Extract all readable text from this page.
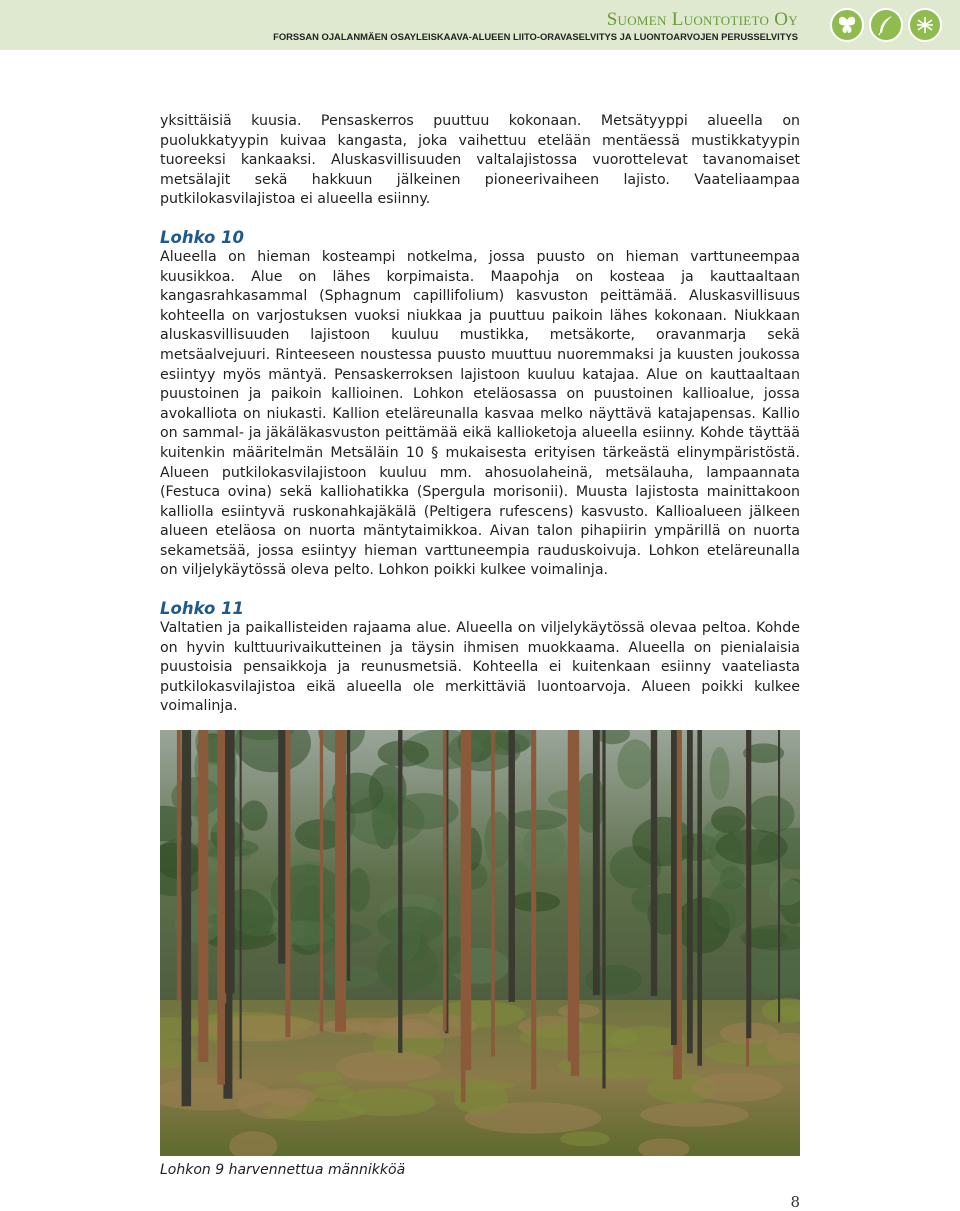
Suomen Luontotieto Oy
FORSSAN OJALANMÄEN OSAYLEISKAAVA-ALUEEN LIITO-ORAVASELVITYS JA LUONTOARVOJEN PERUSSELVITYS

yksittäisiä kuusia. Pensaskerros puuttuu kokonaan. Metsätyyppi alueella on puolukkatyypin kuivaa kangasta, joka vaihettuu etelään mentäessä mustikkatyypin tuoreeksi kankaaksi. Aluskasvillisuuden valtalajistossa vuorottelevat tavanomaiset metsälajit sekä hakkuun jälkeinen pioneerivaiheen lajisto. Vaateliaampaa putkilokasvilajistoa ei alueella esiinny.

Lohko 10

Alueella on hieman kosteampi notkelma, jossa puusto on hieman varttuneempaa kuusikkoa. Alue on lähes korpimaista. Maapohja on kosteaa ja kauttaaltaan kangasrahkasammal (Sphagnum capillifolium) kasvuston peittämää. Aluskasvillisuus kohteella on varjostuksen vuoksi niukkaa ja puuttuu paikoin lähes kokonaan. Niukkaan aluskasvillisuuden lajistoon kuuluu mustikka, metsäkorte, oravanmarja sekä metsäalvejuuri. Rinteeseen noustessa puusto muuttuu nuoremmaksi ja kuusten joukossa esiintyy myös mäntyä. Pensaskerroksen lajistoon kuuluu katajaa. Alue on kauttaaltaan puustoinen ja paikoin kallioinen. Lohkon eteläosassa on puustoinen kallioalue, jossa avokalliota on niukasti. Kallion eteläreunalla kasvaa melko näyttävä katajapensas. Kallio on sammal- ja jäkäläkasvuston peittämää eikä kallioketoja alueella esiinny. Kohde täyttää kuitenkin määritelmän Metsäläin 10 § mukaisesta erityisen tärkeästä elinympäristöstä. Alueen putkilokasvilajistoon kuuluu mm. ahosuolaheinä, metsälauha, lampaannata (Festuca ovina) sekä kalliohatikka (Spergula morisonii). Muusta lajistosta mainittakoon kalliolla esiintyvä ruskonahkajäkälä (Peltigera rufescens) kasvusto. Kallioalueen jälkeen alueen eteläosa on nuorta mäntytaimikkoa. Aivan talon pihapiirin ympärillä on nuorta sekametsää, jossa esiintyy hieman varttuneempia rauduskoivuja. Lohkon eteläreunalla on viljelykäytössä oleva pelto. Lohkon poikki kulkee voimalinja.

Lohko 11

Valtatien ja paikallisteiden rajaama alue. Alueella on viljelykäytössä olevaa peltoa. Kohde on hyvin kulttuurivaikutteinen ja täysin ihmisen muokkaama. Alueella on pienialaisia puustoisia pensaikkoja ja reunusmetsiä. Kohteella ei kuitenkaan esiinny vaateliasta putkilokasvilajistoa eikä alueella ole merkittäviä luontoarvoja. Alueen poikki kulkee voimalinja.

Lohkon 9 harvennettua männikköä
8
